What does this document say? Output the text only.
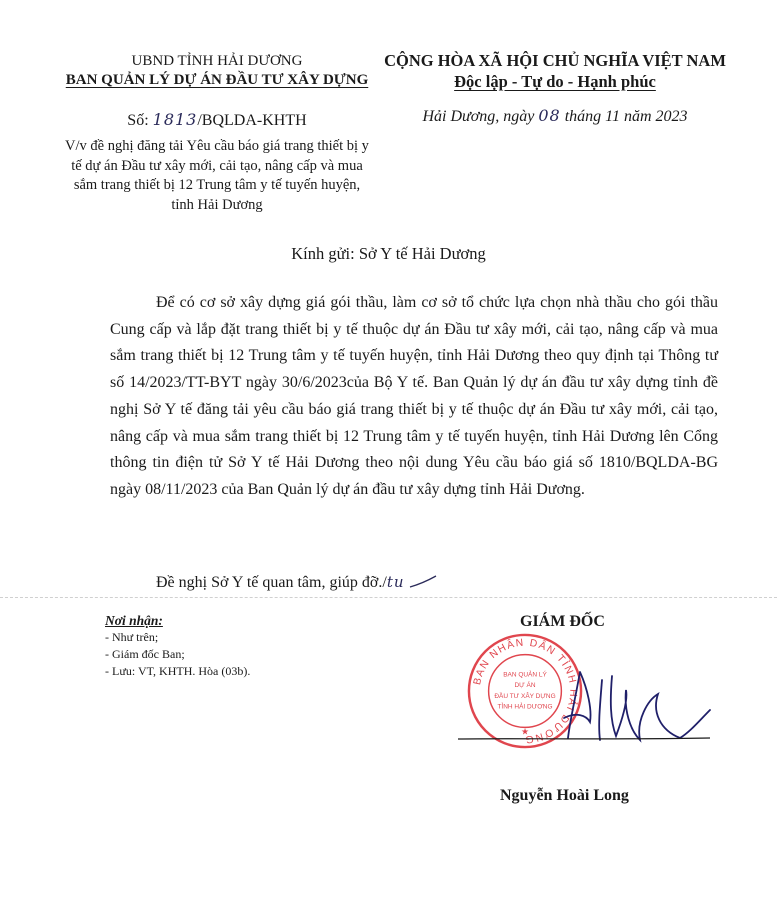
UBND TỈNH HẢI DƯƠNG
BAN QUẢN LÝ DỰ ÁN ĐẦU TƯ XÂY DỰNG
CỘNG HÒA XÃ HỘI CHỦ NGHĨA VIỆT NAM
Độc lập - Tự do - Hạnh phúc
Số: 1813/BQLDA-KHTH	Hải Dương, ngày 08 tháng 11 năm 2023
V/v đề nghị đăng tải Yêu cầu báo giá trang thiết bị y tế dự án Đầu tư xây mới, cải tạo, nâng cấp và mua sắm trang thiết bị 12 Trung tâm y tế tuyến huyện, tỉnh Hải Dương
Kính gửi: Sở Y tế Hải Dương
Để có cơ sở xây dựng giá gói thầu, làm cơ sở tổ chức lựa chọn nhà thầu cho gói thầu Cung cấp và lắp đặt trang thiết bị y tế thuộc dự án Đầu tư xây mới, cải tạo, nâng cấp và mua sắm trang thiết bị 12 Trung tâm y tế tuyến huyện, tỉnh Hải Dương theo quy định tại Thông tư số 14/2023/TT-BYT ngày 30/6/2023của Bộ Y tế. Ban Quản lý dự án đầu tư xây dựng tỉnh đề nghị Sở Y tế đăng tải yêu cầu báo giá trang thiết bị y tế thuộc dự án Đầu tư xây mới, cải tạo, nâng cấp và mua sắm trang thiết bị 12 Trung tâm y tế tuyến huyện, tỉnh Hải Dương lên Cổng thông tin điện tử Sở Y tế Hải Dương theo nội dung Yêu cầu báo giá số 1810/BQLDA-BG ngày 08/11/2023 của Ban Quản lý dự án đầu tư xây dựng tỉnh Hải Dương.
Đề nghị Sở Y tế quan tâm, giúp đỡ./tu
Nơi nhận:
- Như trên;
- Giám đốc Ban;
- Lưu: VT, KHTH. Hòa (03b).
GIÁM ĐỐC
BAN NHÂN DÂN TỈNH HẢI DƯƠNG
BAN QUẢN LÝ
DỰ ÁN
ĐẦU TƯ XÂY DỰNG
TỈNH HẢI DƯƠNG
★
Nguyễn Hoài Long
